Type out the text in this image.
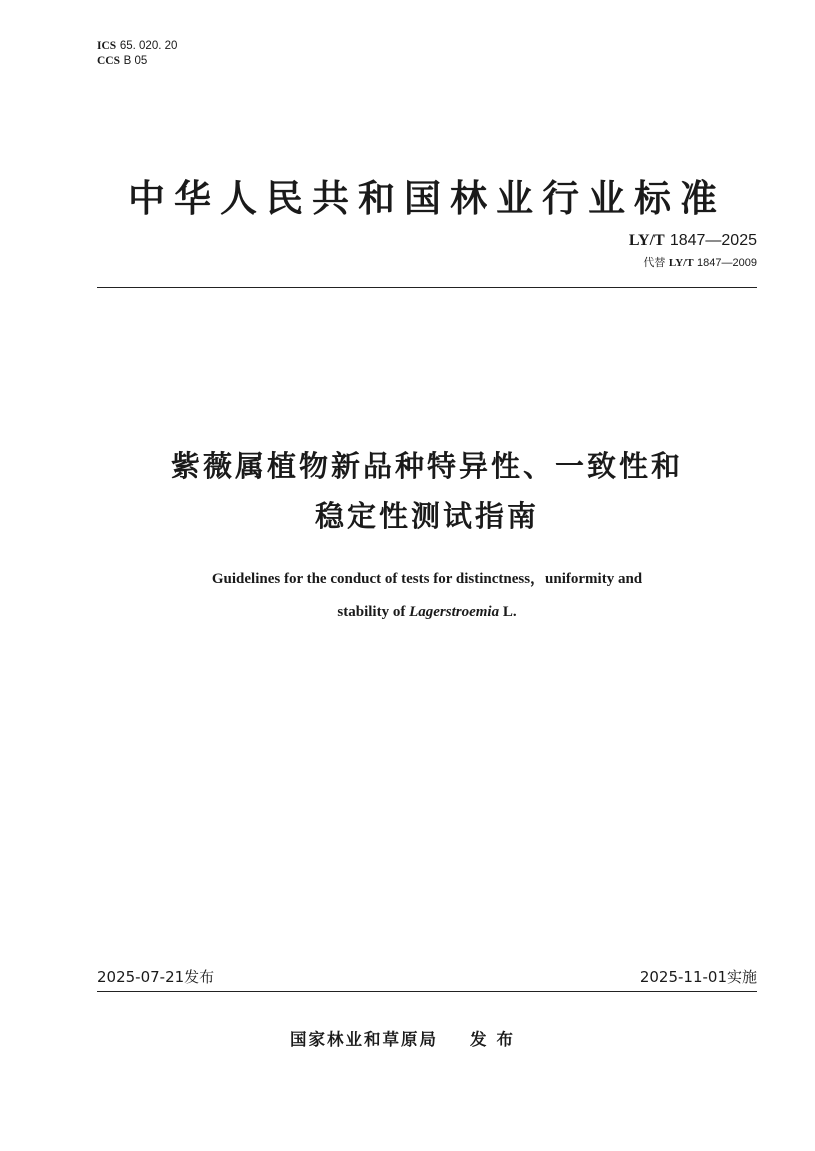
ICS 65. 020. 20
CCS B 05
中华人民共和国林业行业标准
LY/T 1847—2025
代替 LY/T 1847—2009
紫薇属植物新品种特异性、一致性和
稳定性测试指南
Guidelines for the conduct of tests for distinctness，uniformity and
stability of Lagerstroemia L.
2025-07-21发布	2025-11-01实施
国家林业和草原局 发布
